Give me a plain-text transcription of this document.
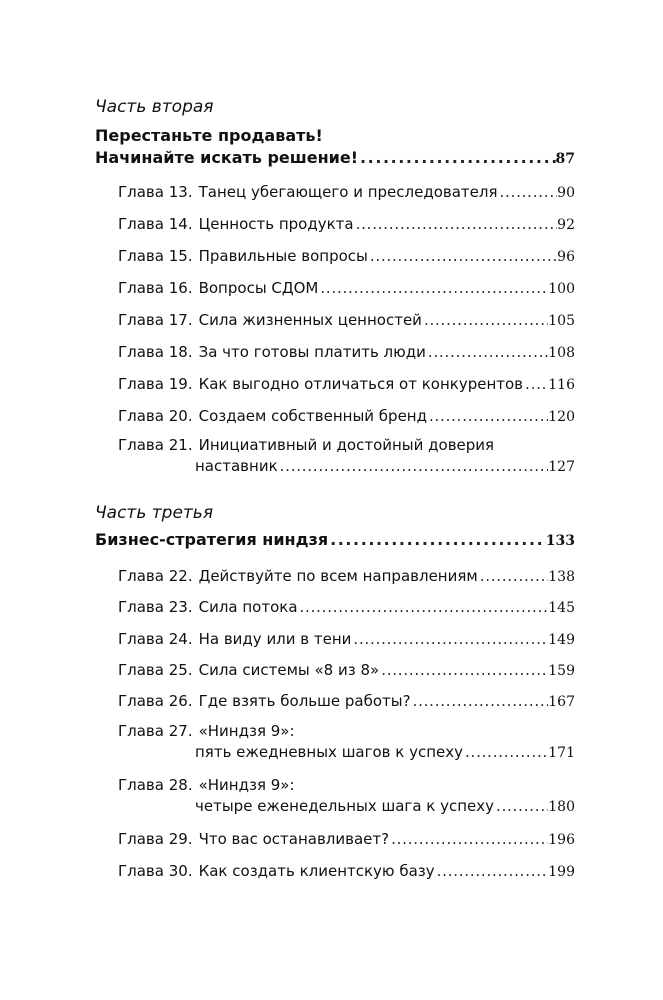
Часть вторая
Перестаньте продавать!
Начинайте искать решение! . . .	87
Глава 13. Танец убегающего и преследователя . . .	90
Глава 14. Ценность продукта . . .	92
Глава 15. Правильные вопросы . . .	96
Глава 16. Вопросы СДОМ . . .	100
Глава 17. Сила жизненных ценностей . . .	105
Глава 18. За что готовы платить люди . . .	108
Глава 19. Как выгодно отличаться от конкурентов . . . 116
Глава 20. Создаем собственный бренд . . .	120
Глава 21. Инициативный и достойный доверия
наставник . . .	127
Часть третья
Бизнес-стратегия ниндзя . . .	133
Глава 22. Действуйте по всем направлениям . . .	138
Глава 23. Сила потока . . .	145
Глава 24. На виду или в тени . . .	149
Глава 25. Сила системы «8 из 8» . . .	159
Глава 26. Где взять больше работы? . . .	167
Глава 27. «Ниндзя 9»:
пять ежедневных шагов к успеху . . .	171
Глава 28. «Ниндзя 9»:
четыре еженедельных шага к успеху . . .	180
Глава 29. Что вас останавливает? . . .	196
Глава 30. Как создать клиентскую базу . . .	199
